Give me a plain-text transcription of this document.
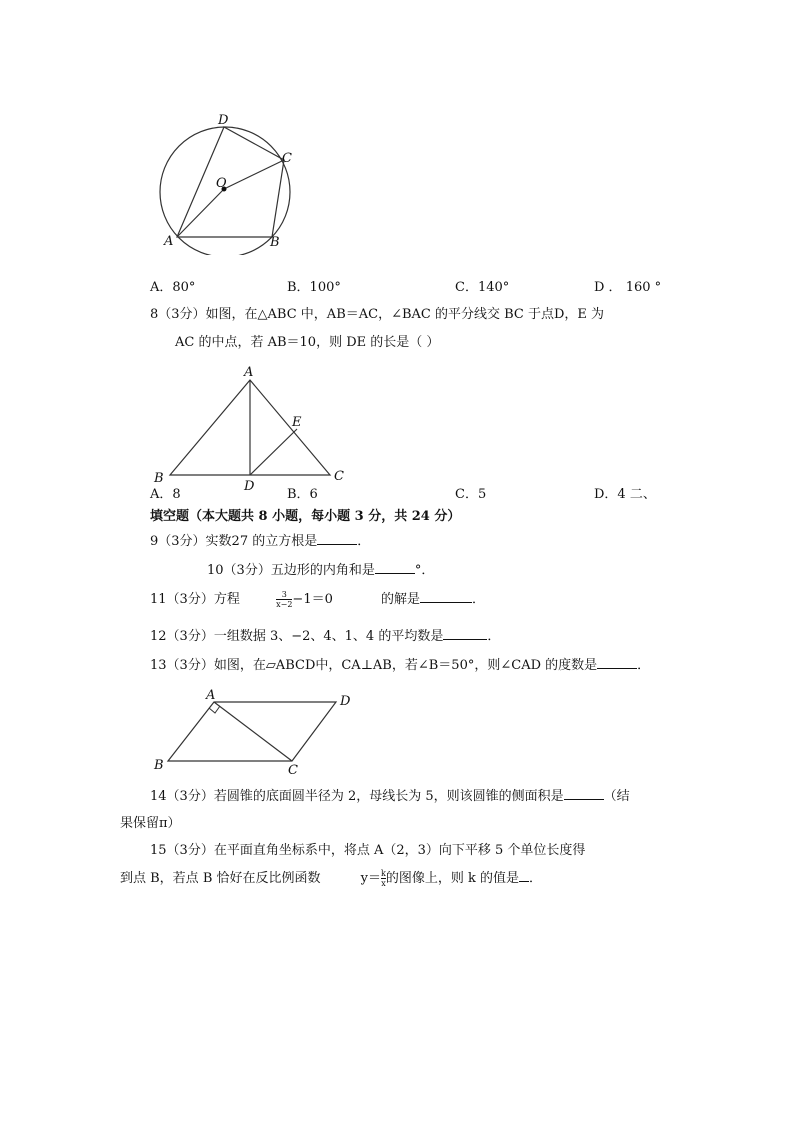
D
C
O
A	B
A．80°	B．100°	C．140°	D ． 160 °
8（3分）如图，在△ABC 中，AB＝AC，∠BAC 的平分线交 BC 于点D，E 为
AC 的中点，若 AB＝10，则 DE 的长是（ ）
A
E
B	C
D
A．8	B．6	C．5	D．4 二、
填空题（本大题共 8 小题，每小题 3 分，共 24 分）
9（3分）实数27 的立方根是	．
10（3分）五边形的内角和是	°．
11（3分）方程	$\frac{3}{x-2} -1=0$	的解是	．
12（3分）一组数据 3、−2、4、1、4 的平均数是	．
13（3分）如图，在▱ABCD中，CA⊥AB，若∠B＝50°，则∠CAD 的度数是	．
A	D
B	C
14（3分）若圆锥的底面圆半径为 2，母线长为 5，则该圆锥的侧面积是	（结
果保留π）
15（3分）在平面直角坐标系中，将点 A（2，3）向下平移 5 个单位长度得
到点 B，若点 B 恰好在反比例函数	$y= \frac{k}{x}$ 的图像上，则 k 的值是 ．
